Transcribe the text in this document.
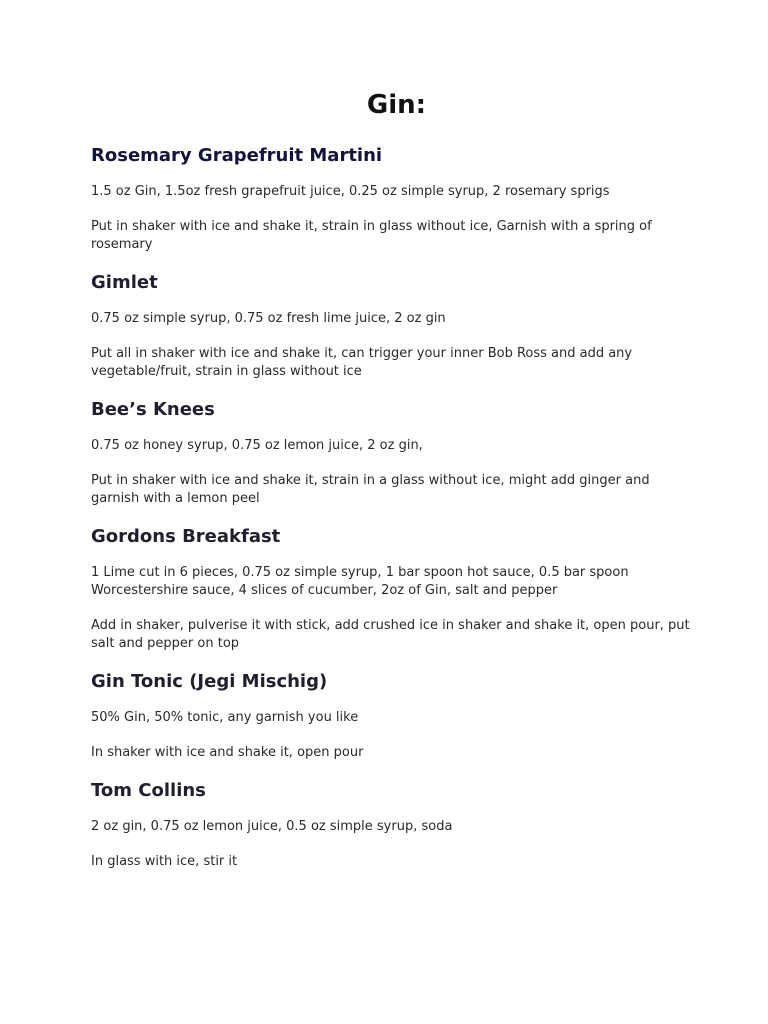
Gin:
Rosemary Grapefruit Martini

1.5 oz Gin, 1.5oz fresh grapefruit juice, 0.25 oz simple syrup, 2 rosemary sprigs

Put in shaker with ice and shake it, strain in glass without ice, Garnish with a spring of rosemary

Gimlet

0.75 oz simple syrup, 0.75 oz fresh lime juice, 2 oz gin

Put all in shaker with ice and shake it, can trigger your inner Bob Ross and add any vegetable/fruit, strain in glass without ice

Bee’s Knees

0.75 oz honey syrup, 0.75 oz lemon juice, 2 oz gin,

Put in shaker with ice and shake it, strain in a glass without ice, might add ginger and garnish with a lemon peel

Gordons Breakfast

1 Lime cut in 6 pieces, 0.75 oz simple syrup, 1 bar spoon hot sauce, 0.5 bar spoon Worcestershire sauce, 4 slices of cucumber, 2oz of Gin, salt and pepper

Add in shaker, pulverise it with stick, add crushed ice in shaker and shake it, open pour, put salt and pepper on top

Gin Tonic (Jegi Mischig)

50% Gin, 50% tonic, any garnish you like

In shaker with ice and shake it, open pour

Tom Collins

2 oz gin, 0.75 oz lemon juice, 0.5 oz simple syrup, soda

In glass with ice, stir it
